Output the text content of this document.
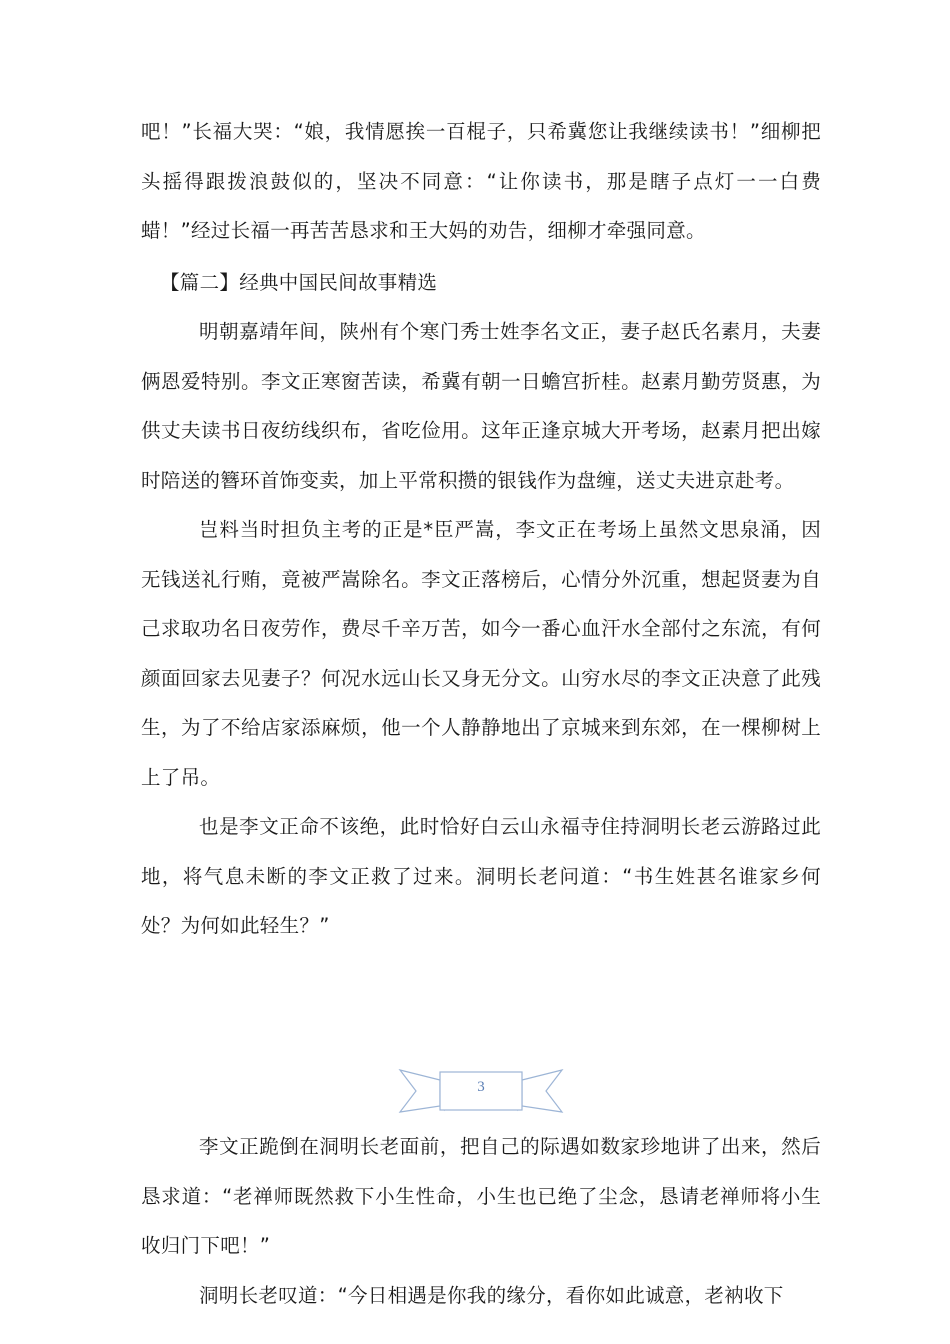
吧！”长福大哭：“娘，我情愿挨一百棍子，只希冀您让我继续读书！”细柳把头摇得跟拨浪鼓似的，坚决不同意：“让你读书，那是瞎子点灯一一白费蜡！”经过长福一再苦苦恳求和王大妈的劝告，细柳才牵强同意。

【篇二】经典中国民间故事精选

明朝嘉靖年间，陕州有个寒门秀士姓李名文正，妻子赵氏名素月，夫妻俩恩爱特别。李文正寒窗苦读，希冀有朝一日蟾宫折桂。赵素月勤劳贤惠，为供丈夫读书日夜纺线织布，省吃俭用。这年正逢京城大开考场，赵素月把出嫁时陪送的簪环首饰变卖，加上平常积攒的银钱作为盘缠，送丈夫进京赴考。

岂料当时担负主考的正是*臣严嵩，李文正在考场上虽然文思泉涌，因无钱送礼行贿，竟被严嵩除名。李文正落榜后，心情分外沉重，想起贤妻为自己求取功名日夜劳作，费尽千辛万苦，如今一番心血汗水全部付之东流，有何颜面回家去见妻子？何况水远山长又身无分文。山穷水尽的李文正决意了此残生，为了不给店家添麻烦，他一个人静静地出了京城来到东郊，在一棵柳树上上了吊。

也是李文正命不该绝，此时恰好白云山永福寺住持洞明长老云游路过此地，将气息未断的李文正救了过来。洞明长老问道：“书生姓甚名谁家乡何处？为何如此轻生？”

3

李文正跪倒在洞明长老面前，把自己的际遇如数家珍地讲了出来，然后恳求道：“老禅师既然救下小生性命，小生也已绝了尘念，恳请老禅师将小生收归门下吧！”

洞明长老叹道：“今日相遇是你我的缘分，看你如此诚意，老衲收下
